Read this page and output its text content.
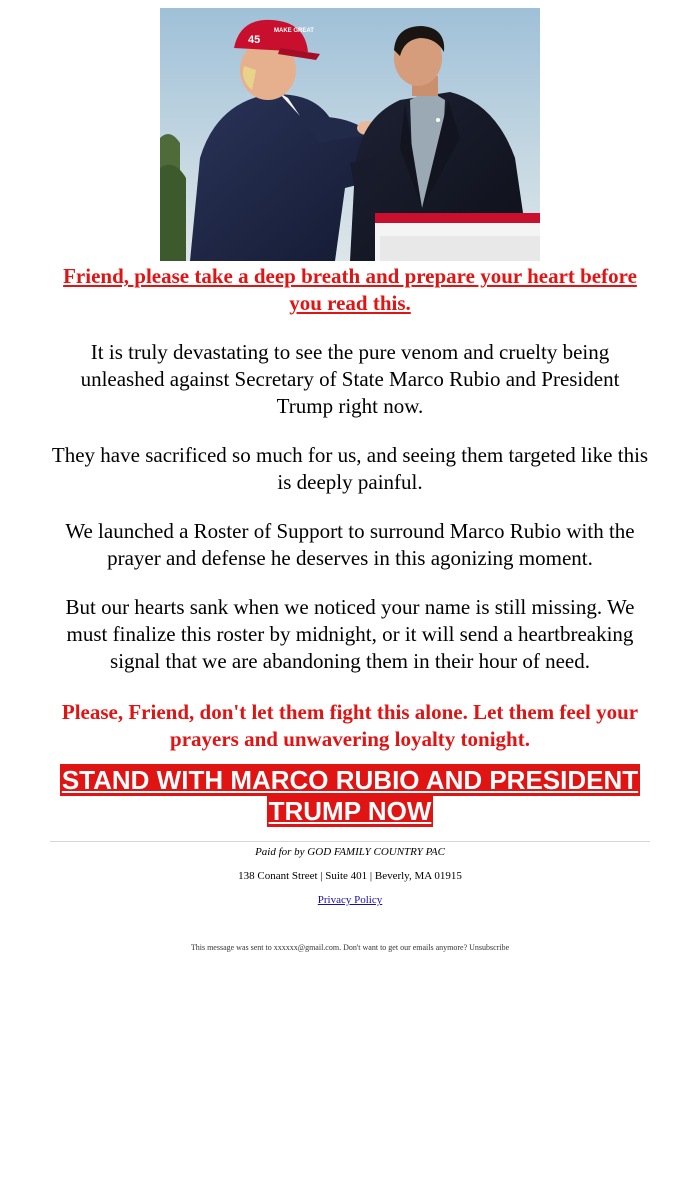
45
MAKE GREAT
Friend, please take a deep breath and prepare your heart before you read this.

It is truly devastating to see the pure venom and cruelty being unleashed against Secretary of State Marco Rubio and President Trump right now.

They have sacrificed so much for us, and seeing them targeted like this is deeply painful.

We launched a Roster of Support to surround Marco Rubio with the prayer and defense he deserves in this agonizing moment.

But our hearts sank when we noticed your name is still missing. We must finalize this roster by midnight, or it will send a heartbreaking signal that we are abandoning them in their hour of need.

Please, Friend, don't let them fight this alone. Let them feel your prayers and unwavering loyalty tonight.

STAND WITH MARCO RUBIO AND PRESIDENT TRUMP NOW

Paid for by GOD FAMILY COUNTRY PAC

138 Conant Street | Suite 401 | Beverly, MA 01915

Privacy Policy

This message was sent to xxxxxx@gmail.com. Don't want to get our emails anymore? Unsubscribe
